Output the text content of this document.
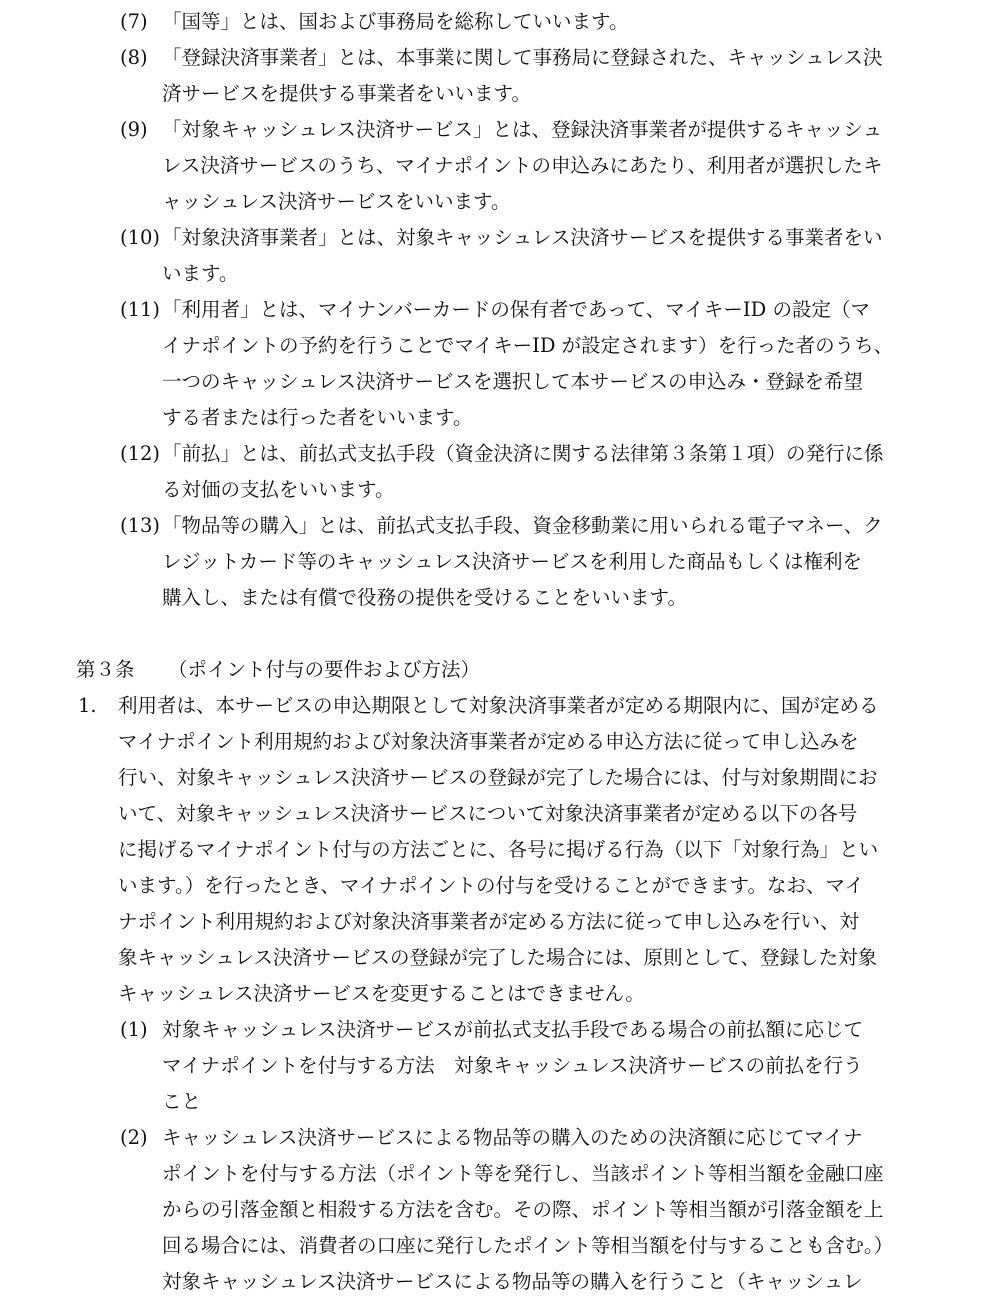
(7) 「国等」とは、国および事務局を総称していいます。
(8) 「登録決済事業者」とは、本事業に関して事務局に登録された、キャッシュレス決
済サービスを提供する事業者をいいます。
(9) 「対象キャッシュレス決済サービス」とは、登録決済事業者が提供するキャッシュ
レス決済サービスのうち、マイナポイントの申込みにあたり、利用者が選択したキ
ャッシュレス決済サービスをいいます。
(10) 「対象決済事業者」とは、対象キャッシュレス決済サービスを提供する事業者をい
います。
(11) 「利用者」とは、マイナンバーカードの保有者であって、マイキーID の設定（マ
イナポイントの予約を行うことでマイキーID が設定されます）を行った者のうち、
一つのキャッシュレス決済サービスを選択して本サービスの申込み・登録を希望
する者または行った者をいいます。
(12) 「前払」とは、前払式支払手段（資金決済に関する法律第３条第１項）の発行に係
る対価の支払をいいます。
(13) 「物品等の購入」とは、前払式支払手段、資金移動業に用いられる電子マネー、ク
レジットカード等のキャッシュレス決済サービスを利用した商品もしくは権利を
購入し、または有償で役務の提供を受けることをいいます。
第３条 （ポイント付与の要件および方法）
1. 利用者は、本サービスの申込期限として対象決済事業者が定める期限内に、国が定める
マイナポイント利用規約および対象決済事業者が定める申込方法に従って申し込みを
行い、対象キャッシュレス決済サービスの登録が完了した場合には、付与対象期間にお
いて、対象キャッシュレス決済サービスについて対象決済事業者が定める以下の各号
に掲げるマイナポイント付与の方法ごとに、各号に掲げる行為（以下「対象行為」とい
います。）を行ったとき、マイナポイントの付与を受けることができます。なお、マイ
ナポイント利用規約および対象決済事業者が定める方法に従って申し込みを行い、対
象キャッシュレス決済サービスの登録が完了した場合には、原則として、登録した対象
キャッシュレス決済サービスを変更することはできません。
(1) 対象キャッシュレス決済サービスが前払式支払手段である場合の前払額に応じて
マイナポイントを付与する方法　対象キャッシュレス決済サービスの前払を行う
こと
(2) キャッシュレス決済サービスによる物品等の購入のための決済額に応じてマイナ
ポイントを付与する方法（ポイント等を発行し、当該ポイント等相当額を金融口座
からの引落金額と相殺する方法を含む。その際、ポイント等相当額が引落金額を上
回る場合には、消費者の口座に発行したポイント等相当額を付与することも含む。）
対象キャッシュレス決済サービスによる物品等の購入を行うこと（キャッシュレ
